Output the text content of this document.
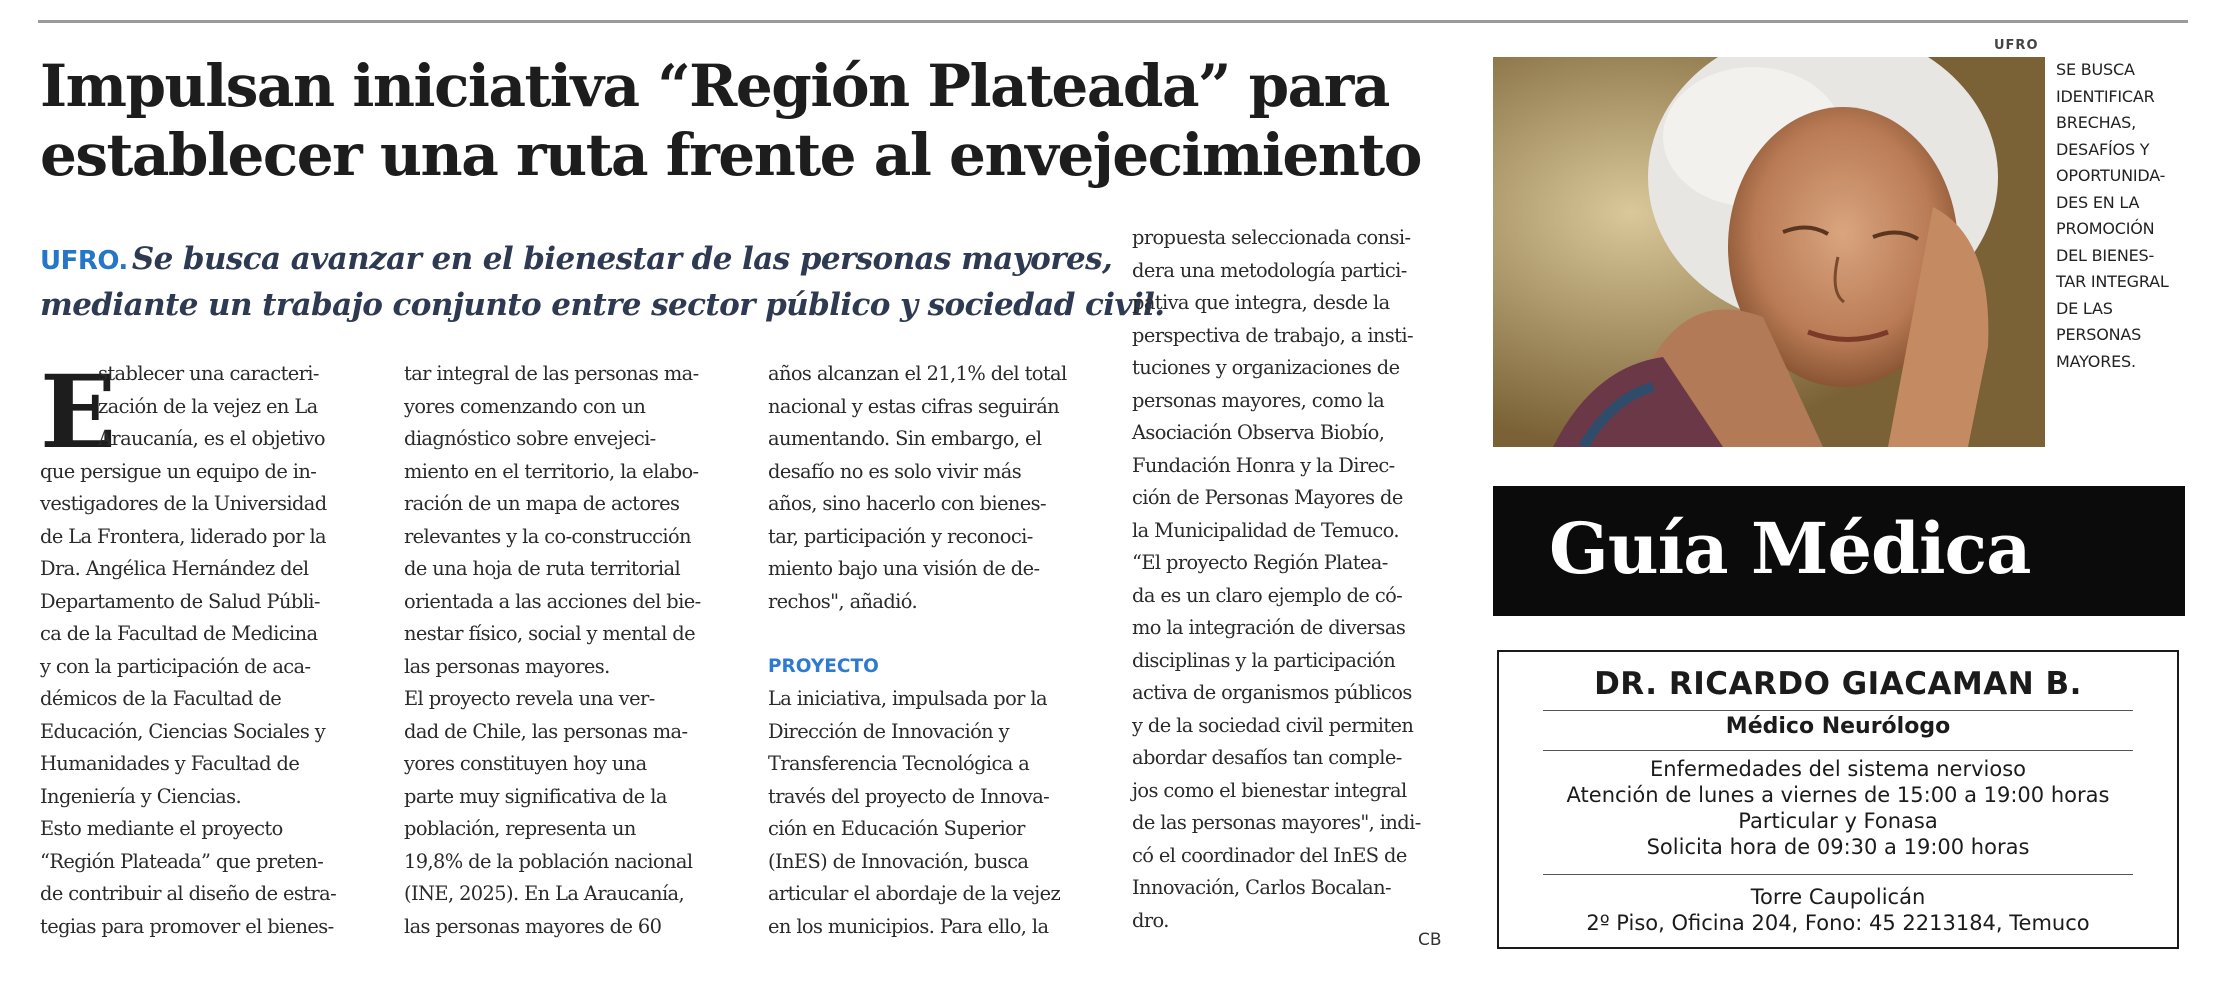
Impulsan iniciativa “Región Plateada” para
establecer una ruta frente al envejecimiento

UFRO. Se busca avanzar en el bienestar de las personas mayores,
mediante un trabajo conjunto entre sector público y sociedad civil.

E
stablecer una caracteri-
zación de la vejez en La
Araucanía, es el objetivo
que persigue un equipo de in-
vestigadores de la Universidad
de La Frontera, liderado por la
Dra. Angélica Hernández del
Departamento de Salud Públi-
ca de la Facultad de Medicina
y con la participación de aca-
démicos de la Facultad de
Educación, Ciencias Sociales y
Humanidades y Facultad de
Ingeniería y Ciencias.
Esto mediante el proyecto
“Región Plateada” que preten-
de contribuir al diseño de estra-
tegias para promover el bienes-
tar integral de las personas ma-
yores comenzando con un
diagnóstico sobre envejeci-
miento en el territorio, la elabo-
ración de un mapa de actores
relevantes y la co-construcción
de una hoja de ruta territorial
orientada a las acciones del bie-
nestar físico, social y mental de
las personas mayores.
El proyecto revela una ver-
dad de Chile, las personas ma-
yores constituyen hoy una
parte muy significativa de la
población, representa un
19,8% de la población nacional
(INE, 2025). En La Araucanía,
las personas mayores de 60
años alcanzan el 21,1% del total
nacional y estas cifras seguirán
aumentando. Sin embargo, el
desafío no es solo vivir más
años, sino hacerlo con bienes-
tar, participación y reconoci-
miento bajo una visión de de-
rechos", añadió.
PROYECTO
La iniciativa, impulsada por la
Dirección de Innovación y
Transferencia Tecnológica a
través del proyecto de Innova-
ción en Educación Superior
(InES) de Innovación, busca
articular el abordaje de la vejez
en los municipios. Para ello, la
propuesta seleccionada consi-
dera una metodología partici-
pativa que integra, desde la
perspectiva de trabajo, a insti-
tuciones y organizaciones de
personas mayores, como la
Asociación Observa Biobío,
Fundación Honra y la Direc-
ción de Personas Mayores de
la Municipalidad de Temuco.
“El proyecto Región Platea-
da es un claro ejemplo de có-
mo la integración de diversas
disciplinas y la participación
activa de organismos públicos
y de la sociedad civil permiten
abordar desafíos tan comple-
jos como el bienestar integral
de las personas mayores", indi-
có el coordinador del InES de
Innovación, Carlos Bocalan-
dro.
CB
UFRO
SE BUSCA
IDENTIFICAR
BRECHAS,
DESAFÍOS Y
OPORTUNIDA-
DES EN LA
PROMOCIÓN
DEL BIENES-
TAR INTEGRAL
DE LAS
PERSONAS
MAYORES.
Guía Médica
DR. RICARDO GIACAMAN B.
Médico Neurólogo
Enfermedades del sistema nervioso
Atención de lunes a viernes de 15:00 a 19:00 horas
Particular y Fonasa
Solicita hora de 09:30 a 19:00 horas
Torre Caupolicán
2º Piso, Oficina 204, Fono: 45 2213184, Temuco
